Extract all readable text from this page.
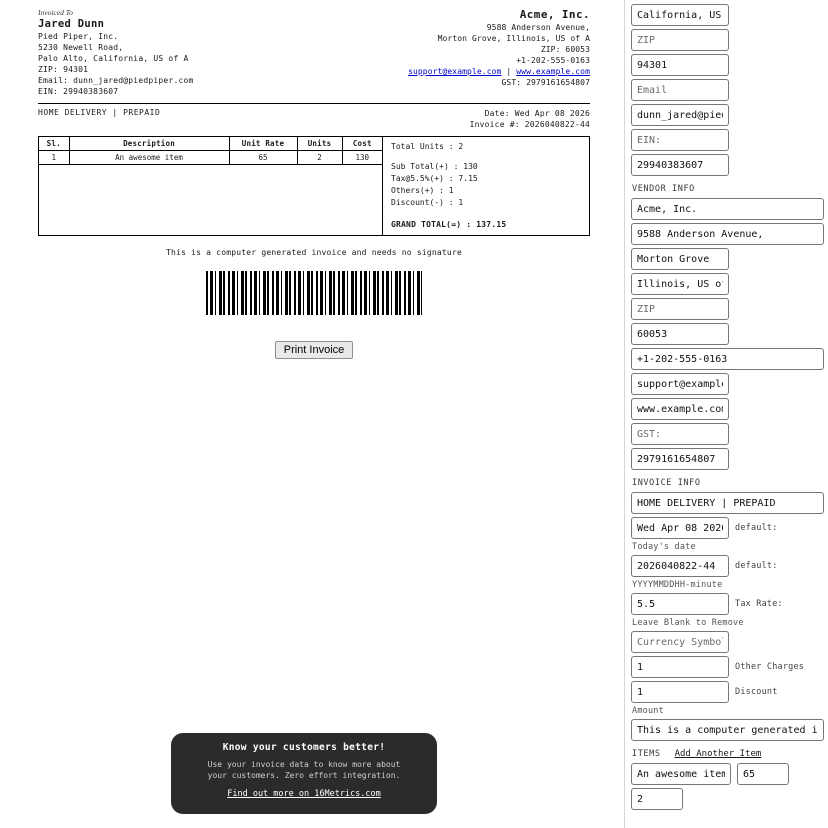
Invoiced To
Jared Dunn
Pied Piper, Inc.
5230 Newell Road,
Palo Alto, California, US of A
ZIP: 94301
Email: dunn_jared@piedpiper.com
EIN: 29940383607
Acme, Inc.
9588 Anderson Avenue,
Morton Grove, Illinois, US of A
ZIP: 60053
+1-202-555-0163
support@example.com | www.example.com
GST: 2979161654807
HOME DELIVERY | PREPAID	Date: Wed Apr 08 2026
Invoice #: 2026040822-44
Sl.	Description	Unit Rate	Units	Cost
1	An awesome item	65	2	130
Total Units : 2
Sub Total(+) : 130
Tax@5.5%(+) : 7.15
Others(+) : 1
Discount(-) : 1
GRAND TOTAL(=) : 137.15
This is a computer generated invoice and needs no signature
Print Invoice
Know your customers better!
Use your invoice data to know more about
your customers. Zero effort integration.
Find out more on 16Metrics.com
California, US of A
ZIP
94301
Email
dunn_jared@piedpiper.com
EIN:
29940383607
VENDOR INFO
Acme, Inc.
9588 Anderson Avenue,
Morton Grove
Illinois, US of A
ZIP
60053
+1-202-555-0163
support@example.com
www.example.com
GST:
2979161654807
INVOICE INFO
HOME DELIVERY | PREPAID
Wed Apr 08 2026
default:
Today's date
2026040822-44
default:
YYYYMMDDHH-minute
5.5
Tax Rate:
Leave Blank to Remove
Currency Symbol
1
Other Charges
1
Discount
Amount
This is a computer generated invoice
ITEMS Add Another Item
An awesome item
65
2
